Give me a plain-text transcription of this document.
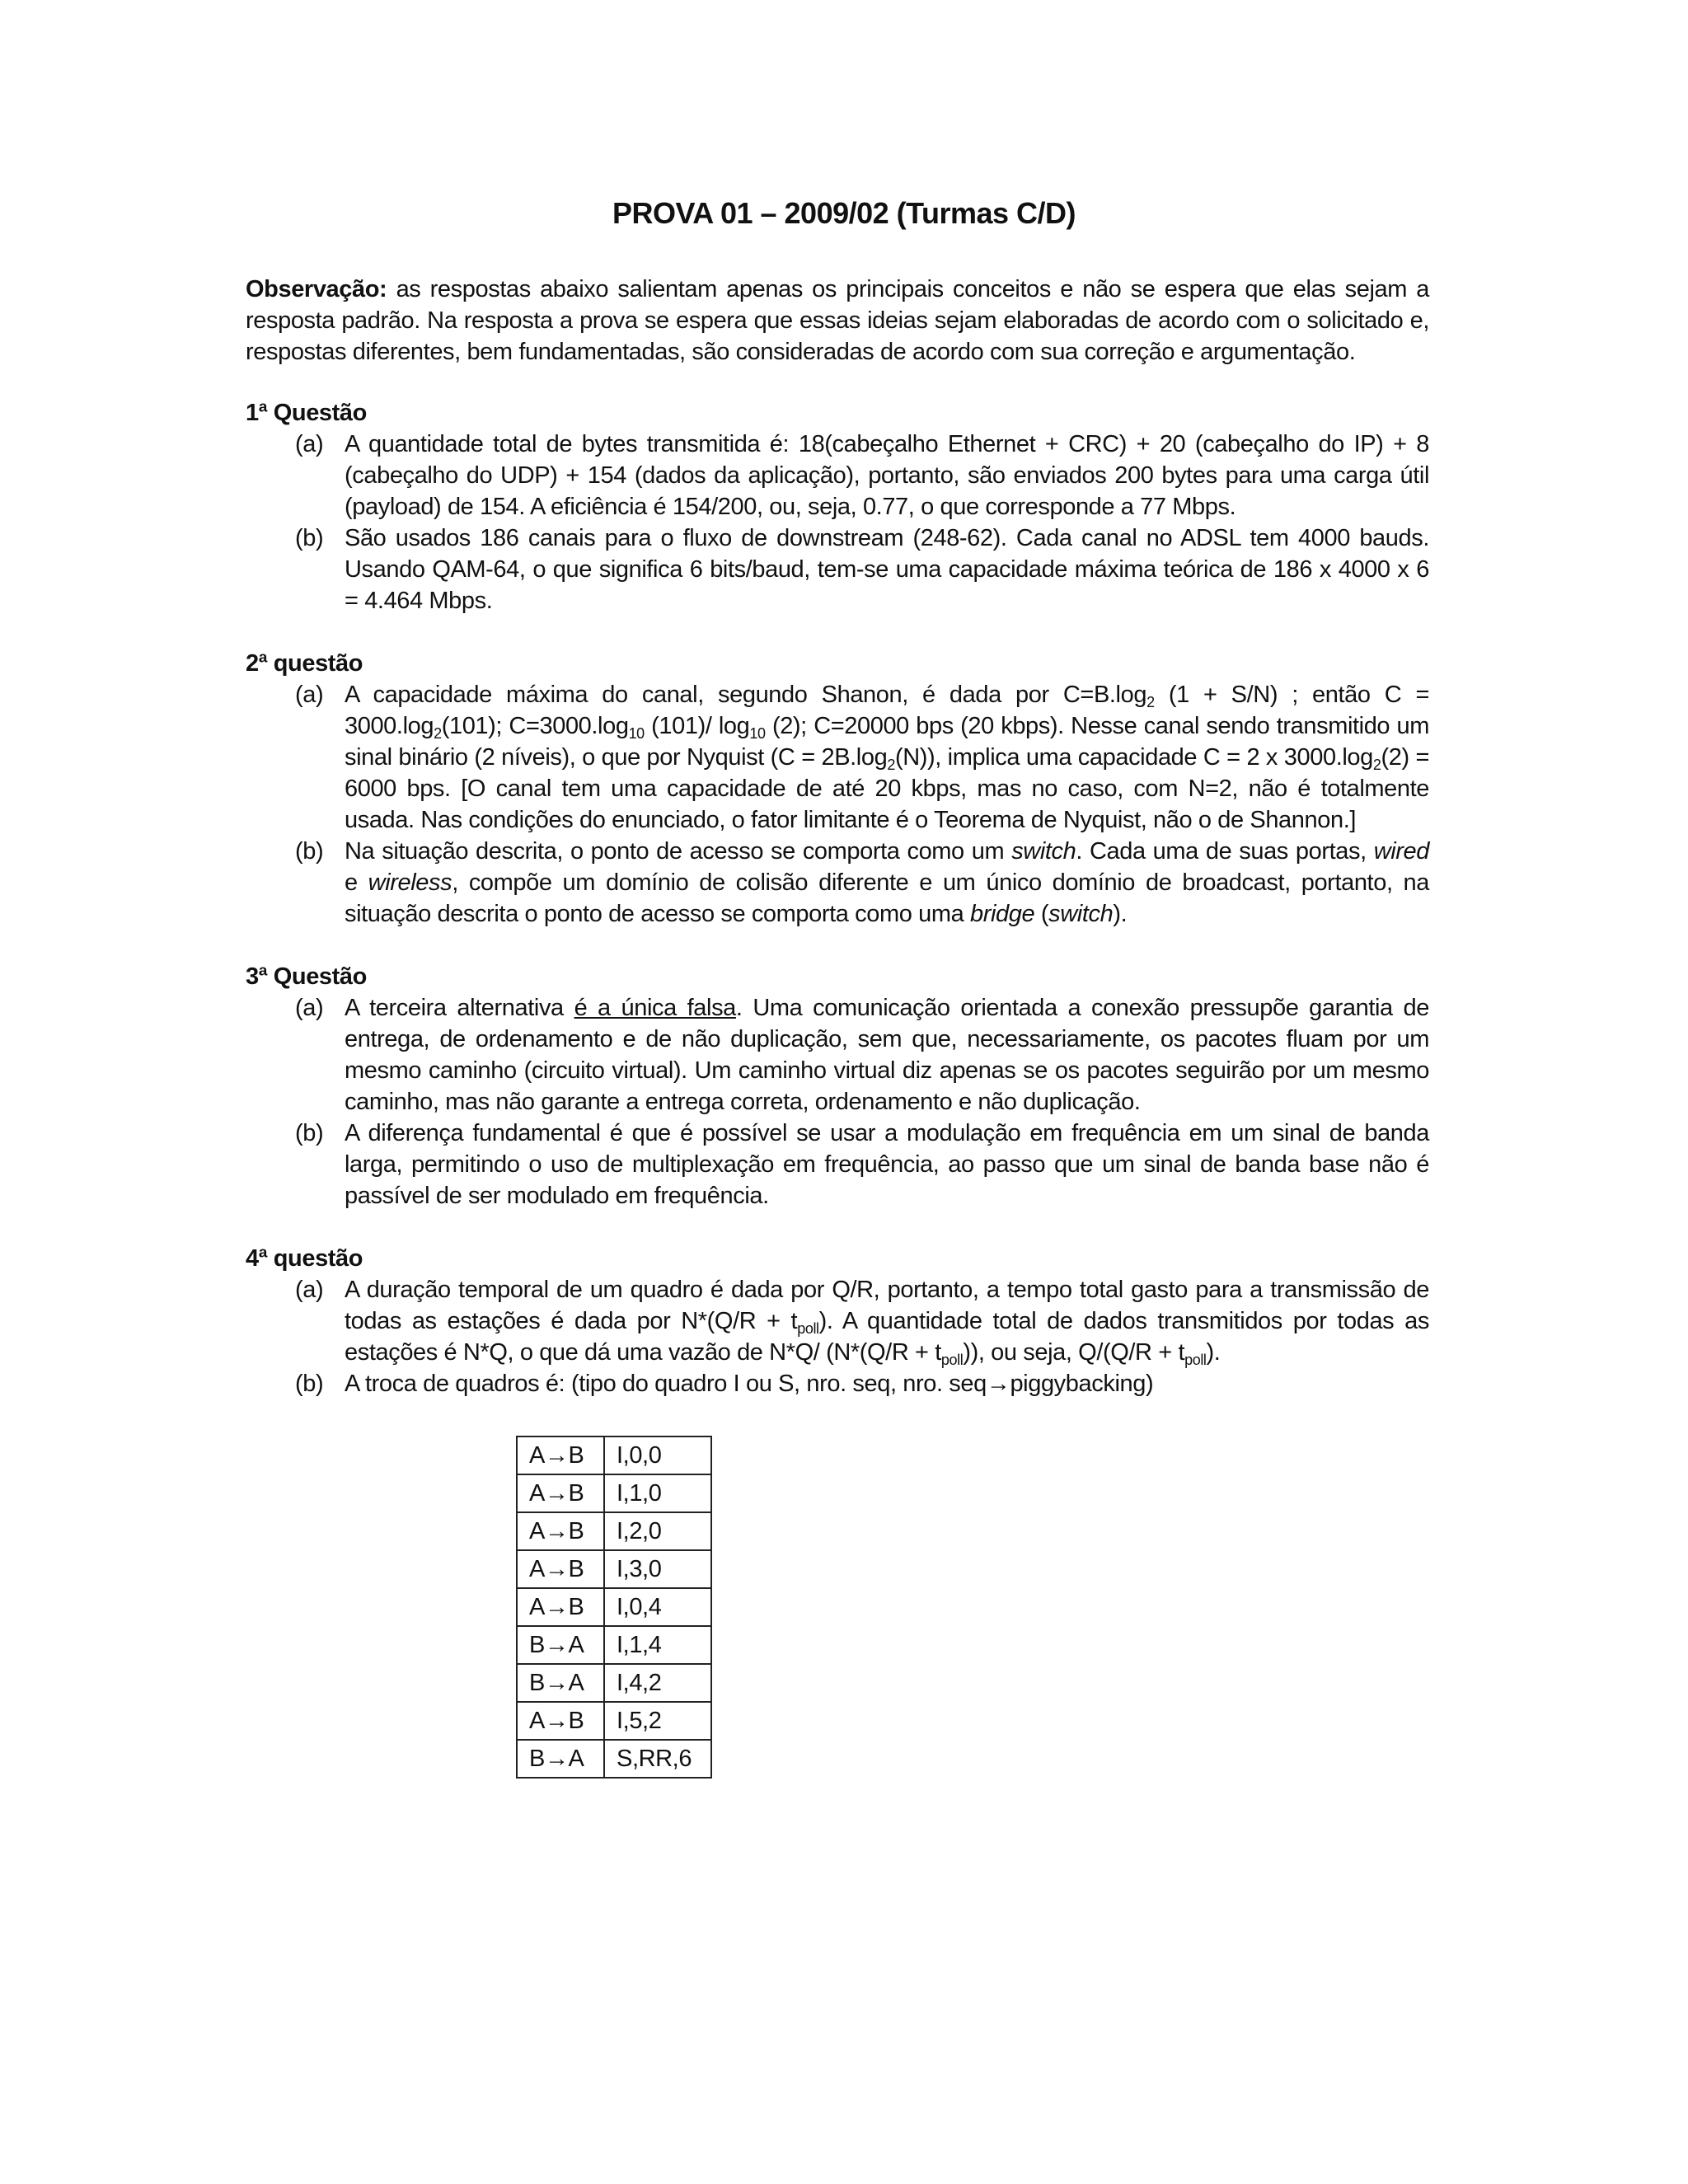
PROVA 01 – 2009/02 (Turmas C/D)
Observação: as respostas abaixo salientam apenas os principais conceitos e não se espera que elas sejam a resposta padrão. Na resposta a prova se espera que essas ideias sejam elaboradas de acordo com o solicitado e, respostas diferentes, bem fundamentadas, são consideradas de acordo com sua correção e argumentação.
1ª Questão
(a) A quantidade total de bytes transmitida é: 18(cabeçalho Ethernet + CRC) + 20 (cabeçalho do IP) + 8 (cabeçalho do UDP) + 154 (dados da aplicação), portanto, são enviados 200 bytes para uma carga útil (payload) de 154. A eficiência é 154/200, ou, seja, 0.77, o que corresponde a 77 Mbps.
(b) São usados 186 canais para o fluxo de downstream (248-62). Cada canal no ADSL tem 4000 bauds. Usando QAM-64, o que significa 6 bits/baud, tem-se uma capacidade máxima teórica de 186 x 4000 x 6 = 4.464 Mbps.
2ª questão
(a) A capacidade máxima do canal, segundo Shanon, é dada por $C=B.\log_2$ (1 + S/N) ; então $C = 3000.\log_2(101)$; $C=3000.\log_{10}$ (101)/ $\log_{10} (2)$; C=20000 bps (20 kbps). Nesse canal sendo transmitido um sinal binário (2 níveis), o que por Nyquist $(C = 2B.\log_2(N))$, implica uma capacidade C = 2 x $3000.\log_2(2) = 6000$ bps. [O canal tem uma capacidade de até 20 kbps, mas no caso, com N=2, não é totalmente usada. Nas condições do enunciado, o fator limitante é o Teorema de Nyquist, não o de Shannon.]
(b) Na situação descrita, o ponto de acesso se comporta como um switch. Cada uma de suas portas, wired e wireless, compõe um domínio de colisão diferente e um único domínio de broadcast, portanto, na situação descrita o ponto de acesso se comporta como uma bridge (switch).
3ª Questão
(a) A terceira alternativa é a única falsa. Uma comunicação orientada a conexão pressupõe garantia de entrega, de ordenamento e de não duplicação, sem que, necessariamente, os pacotes fluam por um mesmo caminho (circuito virtual). Um caminho virtual diz apenas se os pacotes seguirão por um mesmo caminho, mas não garante a entrega correta, ordenamento e não duplicação.
(b) A diferença fundamental é que é possível se usar a modulação em frequência em um sinal de banda larga, permitindo o uso de multiplexação em frequência, ao passo que um sinal de banda base não é passível de ser modulado em frequência.
4ª questão
(a) A duração temporal de um quadro é dada por Q/R, portanto, a tempo total gasto para a transmissão de todas as estações é dada por $N*(Q/R + t_{poll})$. A quantidade total de dados transmitidos por todas as estações é N*Q, o que dá uma vazão de N*Q/ $(N*(Q/R + t_{poll}))$, ou seja, $Q/(Q/R + t_{poll})$.
(b) A troca de quadros é: (tipo do quadro I ou S, nro. seq, nro. seq→piggybacking)
A→B	I,0,0
A→B	I,1,0
A→B	I,2,0
A→B	I,3,0
A→B	I,0,4
B→A	I,1,4
B→A	I,4,2
A→B	I,5,2
B→A	S,RR,6
